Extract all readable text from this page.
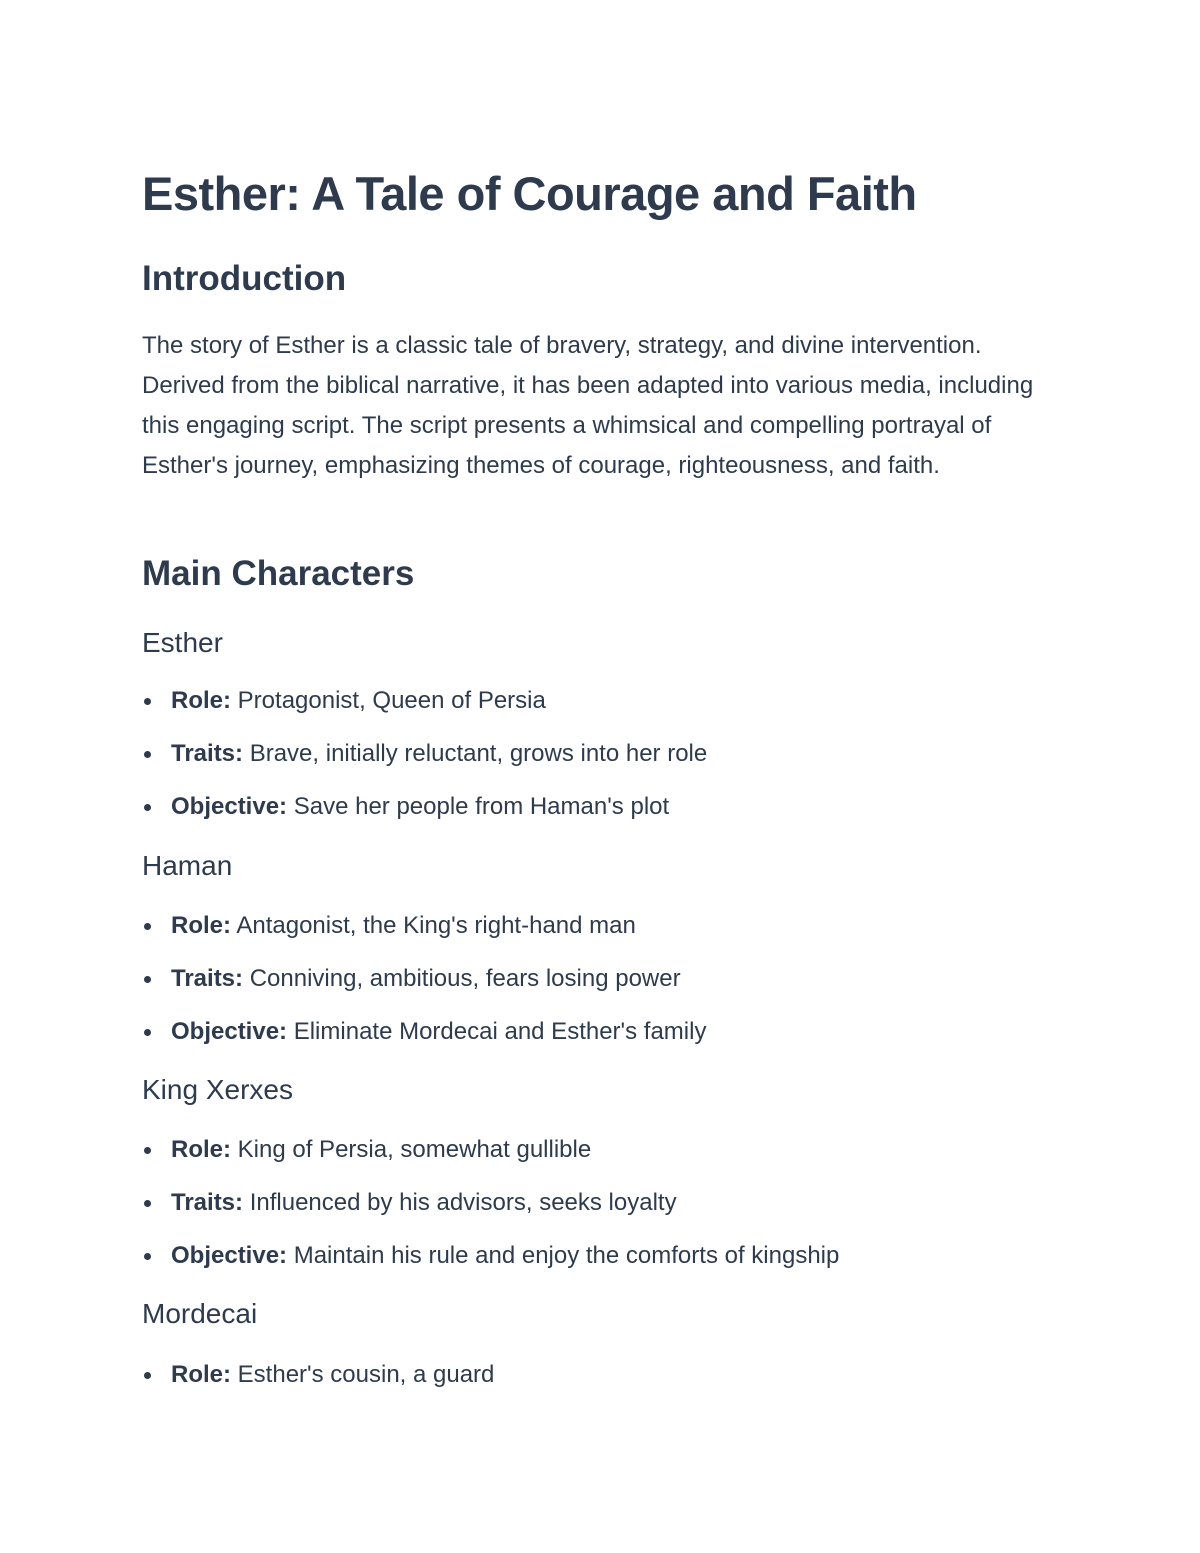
Esther: A Tale of Courage and Faith
Introduction

The story of Esther is a classic tale of bravery, strategy, and divine intervention. Derived from the biblical narrative, it has been adapted into various media, including this engaging script. The script presents a whimsical and compelling portrayal of Esther's journey, emphasizing themes of courage, righteousness, and faith.

Main Characters
Esther
Role: Protagonist, Queen of Persia
Traits: Brave, initially reluctant, grows into her role
Objective: Save her people from Haman's plot
Haman
Role: Antagonist, the King's right-hand man
Traits: Conniving, ambitious, fears losing power
Objective: Eliminate Mordecai and Esther's family
King Xerxes
Role: King of Persia, somewhat gullible
Traits: Influenced by his advisors, seeks loyalty
Objective: Maintain his rule and enjoy the comforts of kingship
Mordecai
Role: Esther's cousin, a guard
